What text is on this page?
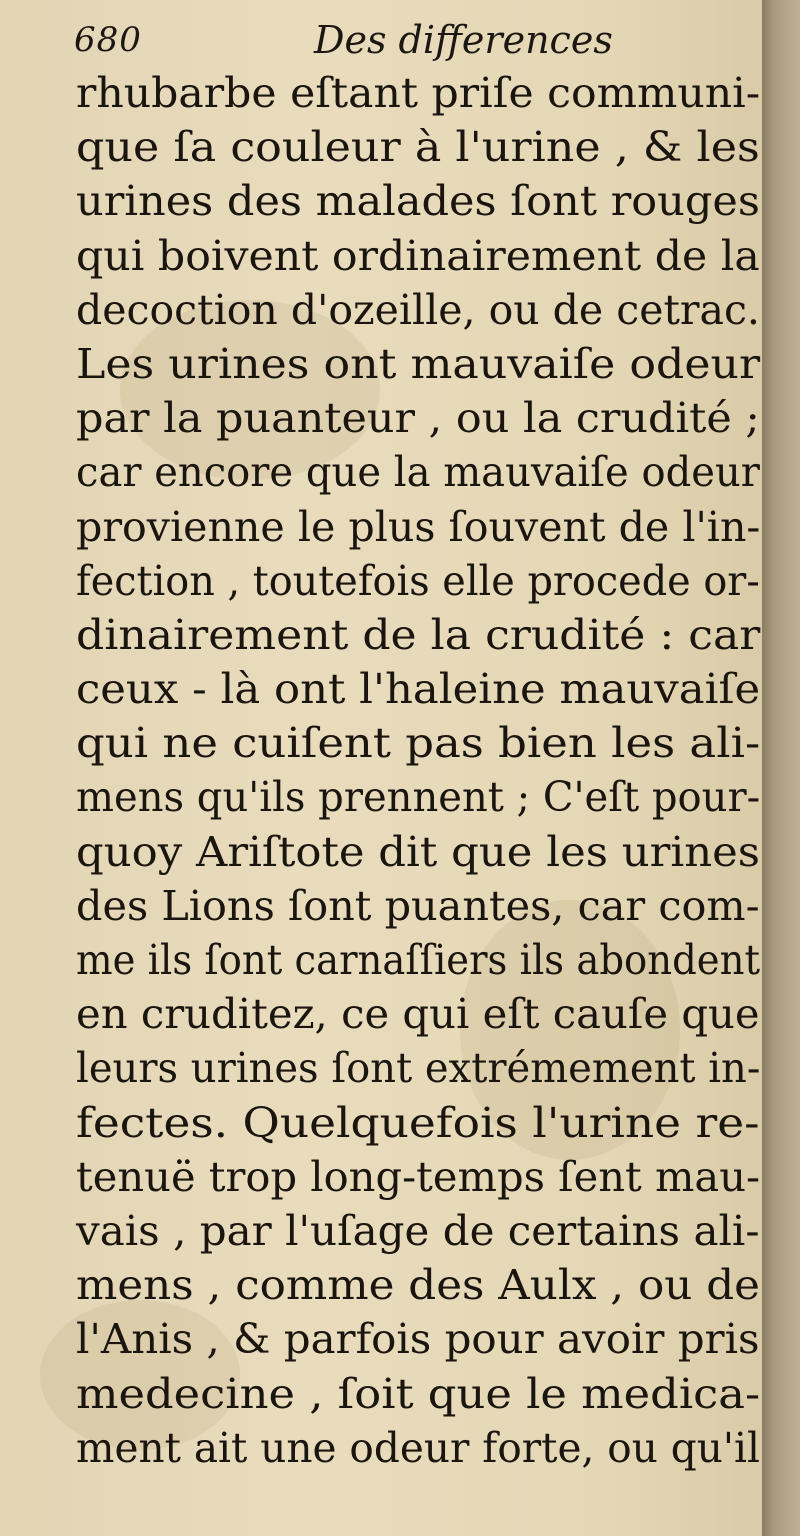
680	Des differences
rhubarbe eſtant priſe communi-
que ſa couleur à l'urine , & les
urines des malades ſont rouges
qui boivent ordinairement de la
decoction d'ozeille, ou de cetrac.
Les urines ont mauvaiſe odeur
par la puanteur , ou la crudité ;
car encore que la mauvaiſe odeur
provienne le plus ſouvent de l'in-
fection , toutefois elle procede or-
dinairement de la crudité : car
ceux - là ont l'haleine mauvaiſe
qui ne cuiſent pas bien les ali-
mens qu'ils prennent ; C'eſt pour-
quoy Ariſtote dit que les urines
des Lions ſont puantes, car com-
me ils ſont carnaſſiers ils abondent
en cruditez, ce qui eſt cauſe que
leurs urines ſont extrémement in-
fectes. Quelquefois l'urine re-
tenuë trop long-temps ſent mau-
vais , par l'uſage de certains ali-
mens , comme des Aulx , ou de
l'Anis , & parfois pour avoir pris
medecine , ſoit que le medica-
ment ait une odeur forte, ou qu'il
